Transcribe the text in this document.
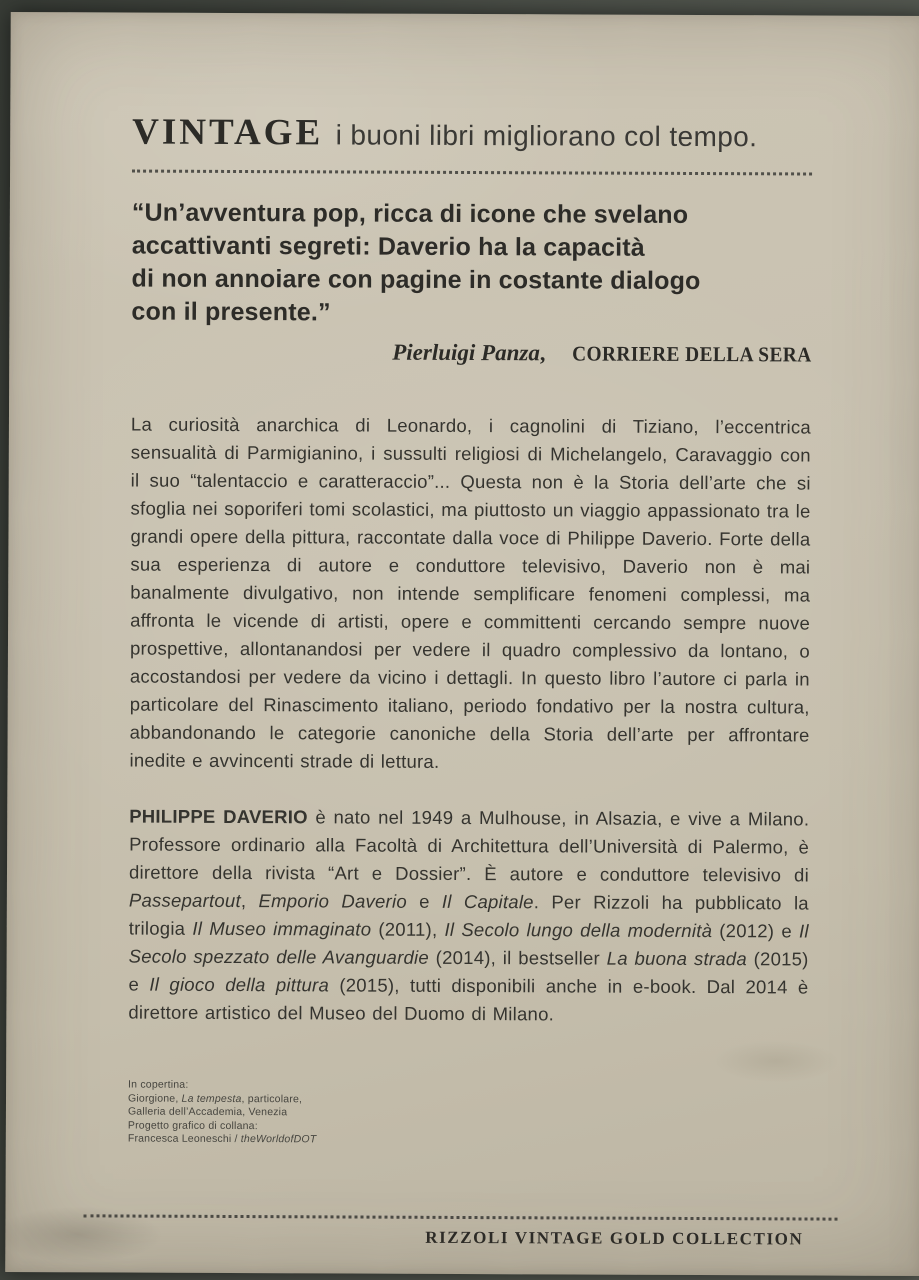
VINTAGE i buoni libri migliorano col tempo.
“Un’avventura pop, ricca di icone che svelano
accattivanti segreti: Daverio ha la capacità
di non annoiare con pagine in costante dialogo
con il presente.”
Pierluigi Panza, CORRIERE DELLA SERA

La curiosità anarchica di Leonardo, i cagnolini di Tiziano, l’eccentrica sensualità di Parmigianino, i sussulti religiosi di Michelangelo, Caravaggio con il suo “talentaccio e caratteraccio”... Questa non è la Storia dell’arte che si sfoglia nei soporiferi tomi scolastici, ma piuttosto un viaggio appassionato tra le grandi opere della pittura, raccontate dalla voce di Philippe Daverio. Forte della sua esperienza di autore e conduttore televisivo, Daverio non è mai banalmente divulgativo, non intende semplificare fenomeni complessi, ma affronta le vicende di artisti, opere e committenti cercando sempre nuove prospettive, allontanandosi per vedere il quadro complessivo da lontano, o accostandosi per vedere da vicino i dettagli. In questo libro l’autore ci parla in particolare del Rinascimento italiano, periodo fondativo per la nostra cultura, abbandonando le categorie canoniche della Storia dell’arte per affrontare inedite e avvincenti strade di lettura.

PHILIPPE DAVERIO è nato nel 1949 a Mulhouse, in Alsazia, e vive a Milano. Professore ordinario alla Facoltà di Architettura dell’Università di Palermo, è direttore della rivista “Art e Dossier”. È autore e conduttore televisivo di Passepartout, Emporio Daverio e Il Capitale. Per Rizzoli ha pubblicato la trilogia Il Museo immaginato (2011), Il Secolo lungo della modernità (2012) e Il Secolo spezzato delle Avanguardie (2014), il bestseller La buona strada (2015) e Il gioco della pittura (2015), tutti disponibili anche in e-book. Dal 2014 è direttore artistico del Museo del Duomo di Milano.

In copertina:
Giorgione, La tempesta, particolare,
Galleria dell’Accademia, Venezia
Progetto grafico di collana:
Francesca Leoneschi / theWorldofDOT
RIZZOLI VINTAGE GOLD COLLECTION
